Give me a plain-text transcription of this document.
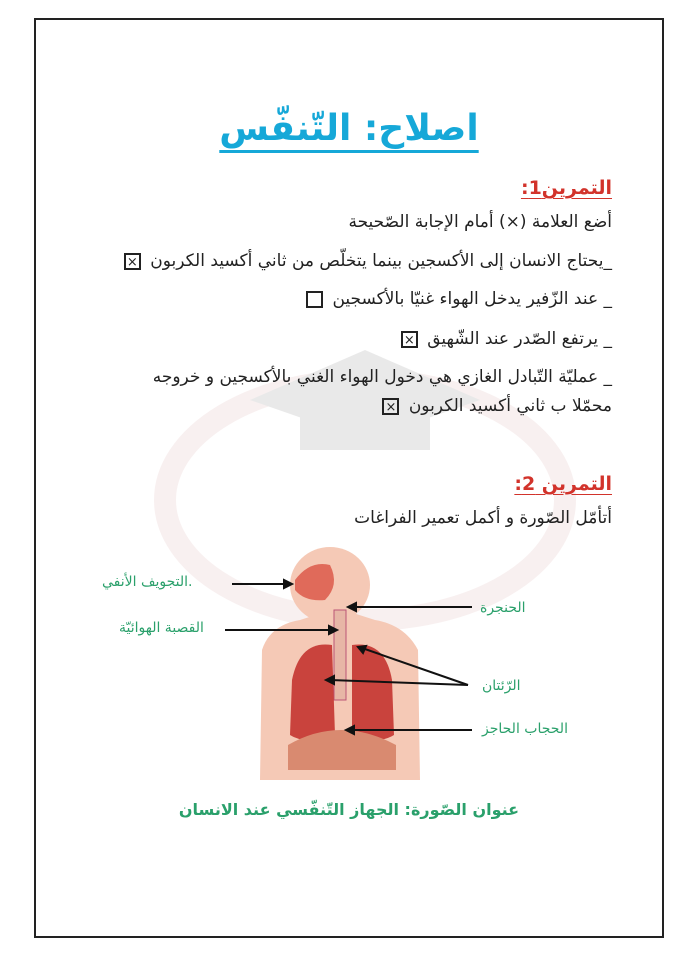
اصلاح: التّنفّس
التمرين1:
أضع العلامة (×) أمام الإجابة الصّحيحة
_يحتاج الانسان إلى الأكسجين بينما يتخلّص من ثاني أكسيد الكربون ×
_ عند الزّفير يدخل الهواء غنيّا بالأكسجين
_ يرتفع الصّدر عند الشّهيق ×
_ عمليّة التّبادل الغازي هي دخول الهواء الغني بالأكسجين و خروجه
محمّلا ب ثاني أكسيد الكربون ×
التمرين 2:
أتأمّل الصّورة و أكمل تعمير الفراغات
التجويف الأنفي.
القصبة الهوائيّة
الحنجرة
الرّئتان
الحجاب الحاجز
عنوان الصّورة: الجهاز التّنفّسي عند الانسان
